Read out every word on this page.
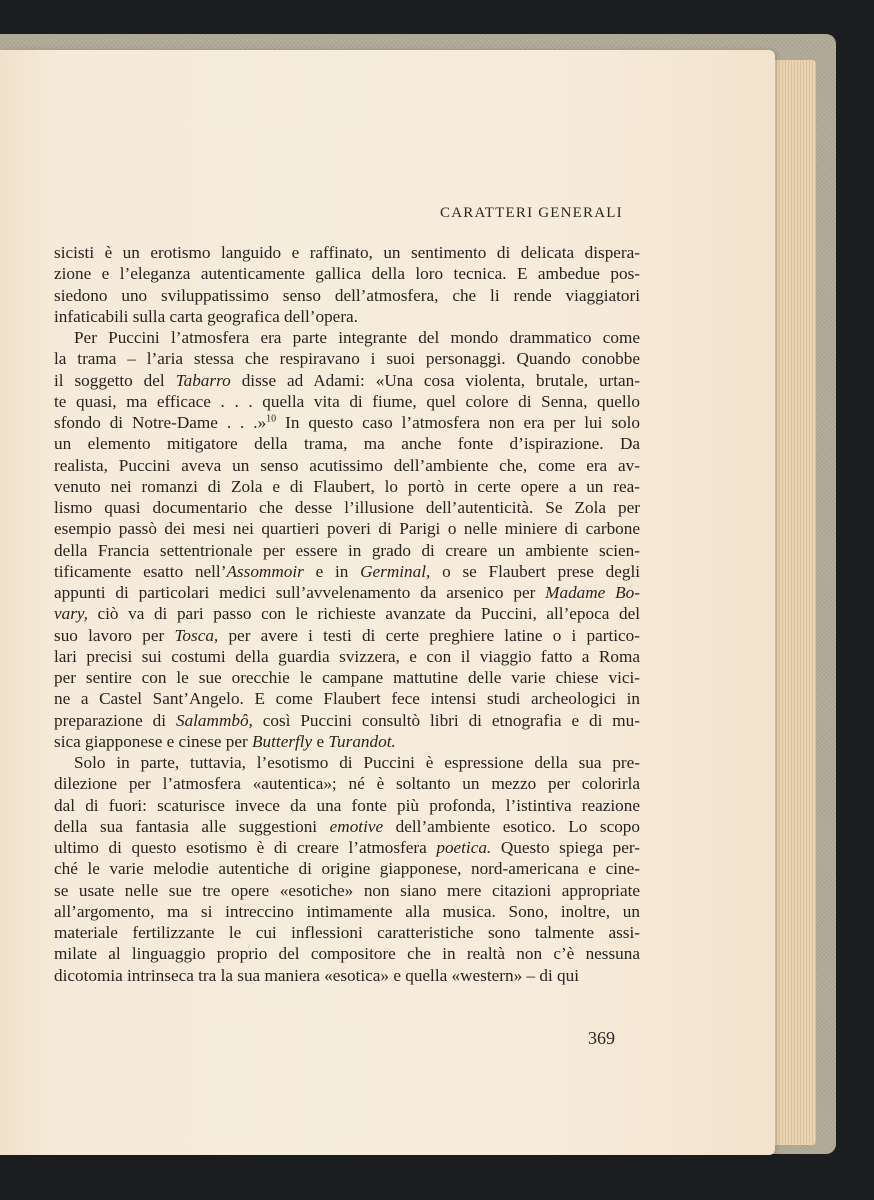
CARATTERI GENERALI
sicisti è un erotismo languido e raffinato, un sentimento di delicata dispera-
zione e l’eleganza autenticamente gallica della loro tecnica. E ambedue pos-
siedono uno sviluppatissimo senso dell’atmosfera, che li rende viaggiatori
infaticabili sulla carta geografica dell’opera.
Per Puccini l’atmosfera era parte integrante del mondo drammatico come
la trama – l’aria stessa che respiravano i suoi personaggi. Quando conobbe
il soggetto del Tabarro disse ad Adami: «Una cosa violenta, brutale, urtan-
te quasi, ma efficace . . . quella vita di fiume, quel colore di Senna, quello
sfondo di Notre-Dame . . .»$^{10}$ In questo caso l’atmosfera non era per lui solo
un elemento mitigatore della trama, ma anche fonte d’ispirazione. Da
realista, Puccini aveva un senso acutissimo dell’ambiente che, come era av-
venuto nei romanzi di Zola e di Flaubert, lo portò in certe opere a un rea-
lismo quasi documentario che desse l’illusione dell’autenticità. Se Zola per
esempio passò dei mesi nei quartieri poveri di Parigi o nelle miniere di carbone
della Francia settentrionale per essere in grado di creare un ambiente scien-
tificamente esatto nell’Assommoir e in Germinal, o se Flaubert prese degli
appunti di particolari medici sull’avvelenamento da arsenico per Madame Bo-
vary, ciò va di pari passo con le richieste avanzate da Puccini, all’epoca del
suo lavoro per Tosca, per avere i testi di certe preghiere latine o i partico-
lari precisi sui costumi della guardia svizzera, e con il viaggio fatto a Roma
per sentire con le sue orecchie le campane mattutine delle varie chiese vici-
ne a Castel Sant’Angelo. E come Flaubert fece intensi studi archeologici in
preparazione di Salammbô, così Puccini consultò libri di etnografia e di mu-
sica giapponese e cinese per Butterfly e Turandot.
Solo in parte, tuttavia, l’esotismo di Puccini è espressione della sua pre-
dilezione per l’atmosfera «autentica»; né è soltanto un mezzo per colorirla
dal di fuori: scaturisce invece da una fonte più profonda, l’istintiva reazione
della sua fantasia alle suggestioni emotive dell’ambiente esotico. Lo scopo
ultimo di questo esotismo è di creare l’atmosfera poetica. Questo spiega per-
ché le varie melodie autentiche di origine giapponese, nord-americana e cine-
se usate nelle sue tre opere «esotiche» non siano mere citazioni appropriate
all’argomento, ma si intreccino intimamente alla musica. Sono, inoltre, un
materiale fertilizzante le cui inflessioni caratteristiche sono talmente assi-
milate al linguaggio proprio del compositore che in realtà non c’è nessuna
dicotomia intrinseca tra la sua maniera «esotica» e quella «western» – di qui
369
